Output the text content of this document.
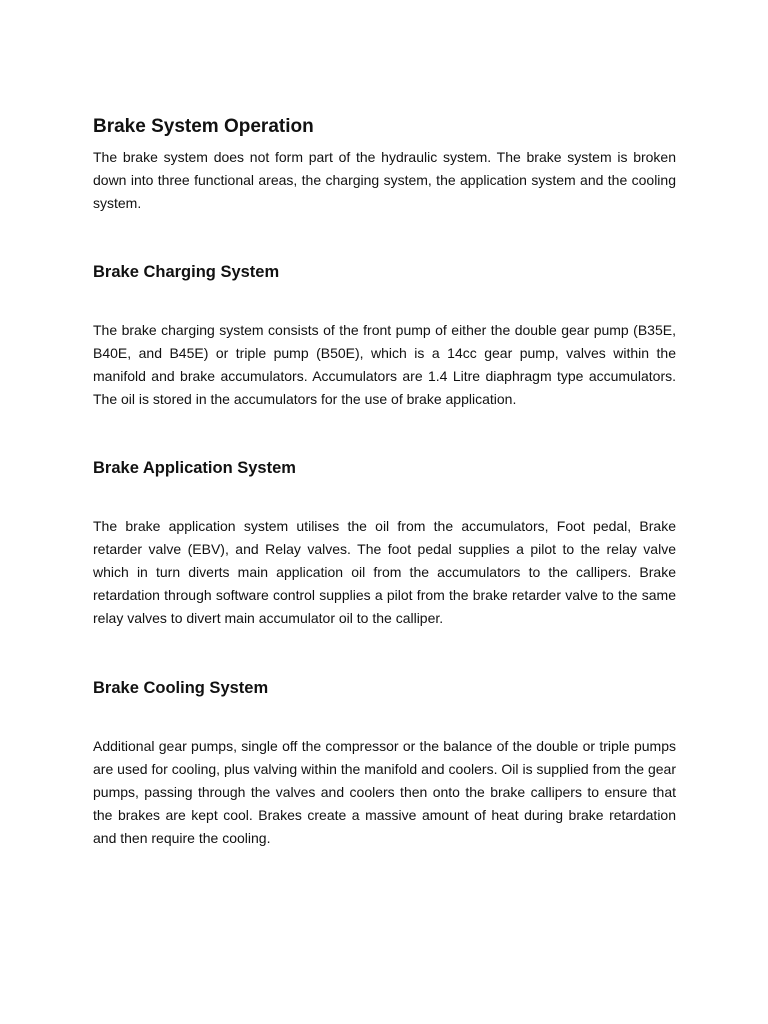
Brake System Operation

The brake system does not form part of the hydraulic system. The brake system is broken down into three functional areas, the charging system, the application system and the cooling system.

Brake Charging System

The brake charging system consists of the front pump of either the double gear pump (B35E, B40E, and B45E) or triple pump (B50E), which is a 14cc gear pump, valves within the manifold and brake accumulators. Accumulators are 1.4 Litre diaphragm type accumulators. The oil is stored in the accumulators for the use of brake application.

Brake Application System

The brake application system utilises the oil from the accumulators, Foot pedal, Brake retarder valve (EBV), and Relay valves. The foot pedal supplies a pilot to the relay valve which in turn diverts main application oil from the accumulators to the callipers. Brake retardation through software control supplies a pilot from the brake retarder valve to the same relay valves to divert main accumulator oil to the calliper.

Brake Cooling System

Additional gear pumps, single off the compressor or the balance of the double or triple pumps are used for cooling, plus valving within the manifold and coolers. Oil is supplied from the gear pumps, passing through the valves and coolers then onto the brake callipers to ensure that the brakes are kept cool. Brakes create a massive amount of heat during brake retardation and then require the cooling.
